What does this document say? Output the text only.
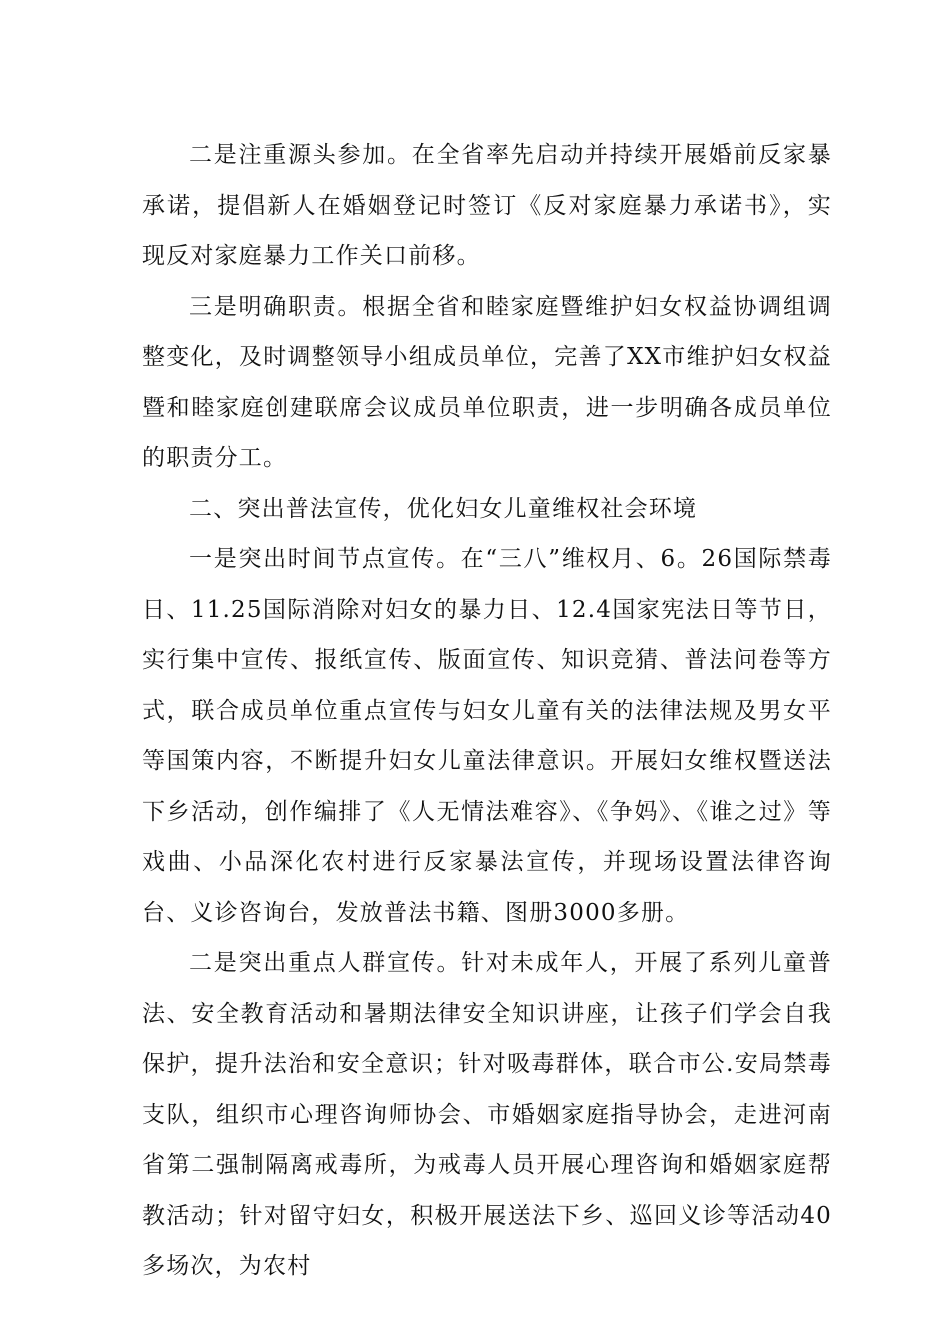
二是注重源头参加。在全省率先启动并持续开展婚前反家暴承诺，提倡新人在婚姻登记时签订《反对家庭暴力承诺书》，实现反对家庭暴力工作关口前移。

三是明确职责。根据全省和睦家庭暨维护妇女权益协调组调整变化，及时调整领导小组成员单位，完善了XX市维护妇女权益暨和睦家庭创建联席会议成员单位职责，进一步明确各成员单位的职责分工。

二、突出普法宣传，优化妇女儿童维权社会环境

一是突出时间节点宣传。在“三八”维权月、6。26国际禁毒日、11.25国际消除对妇女的暴力日、12.4国家宪法日等节日，实行集中宣传、报纸宣传、版面宣传、知识竞猜、普法问卷等方式，联合成员单位重点宣传与妇女儿童有关的法律法规及男女平等国策内容，不断提升妇女儿童法律意识。开展妇女维权暨送法下乡活动，创作编排了《人无情法难容》、《争妈》、《谁之过》等戏曲、小品深化农村进行反家暴法宣传，并现场设置法律咨询台、义诊咨询台，发放普法书籍、图册3000多册。

二是突出重点人群宣传。针对未成年人，开展了系列儿童普法、安全教育活动和暑期法律安全知识讲座，让孩子们学会自我保护，提升法治和安全意识；针对吸毒群体，联合市公.安局禁毒支队，组织市心理咨询师协会、市婚姻家庭指导协会，走进河南省第二强制隔离戒毒所，为戒毒人员开展心理咨询和婚姻家庭帮教活动；针对留守妇女，积极开展送法下乡、巡回义诊等活动40多场次，为农村
